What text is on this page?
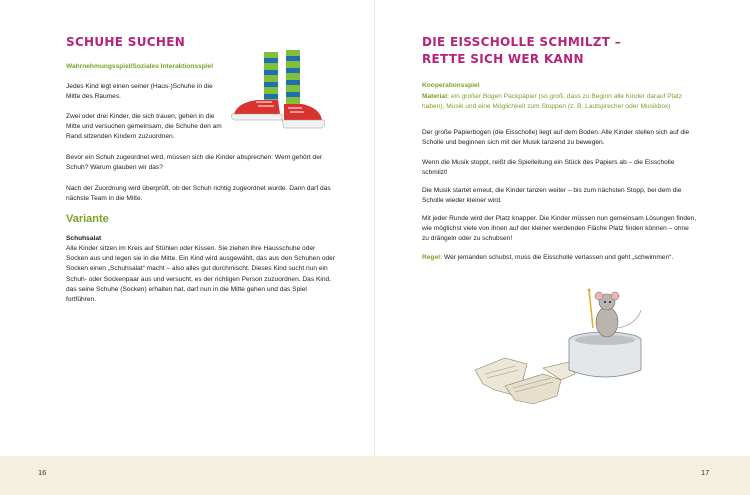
SCHUHE SUCHEN
Wahrnehmungsspiel/Soziales Interaktionsspiel

Jedes Kind legt einen seiner (Haus-)Schuhe in die Mitte des Raumes.

Zwei oder drei Kinder, die sich trauen, gehen in die Mitte und versuchen gemeinsam, die Schuhe den am Rand sitzenden Kindern zuzuordnen.

Bevor ein Schuh zugeordnet wird, müssen sich die Kinder absprechen: Wem gehört der Schuh? Warum glauben wir das?

Nach der Zuordnung wird überprüft, ob der Schuh richtig zugeordnet wurde. Dann darf das nächste Team in die Mitte.

Variante
Schuhsalat

Alle Kinder sitzen im Kreis auf Stühlen oder Kissen. Sie ziehen ihre Hausschuhe oder Socken aus und legen sie in die Mitte. Ein Kind wird ausgewählt, das aus den Schuhen oder Socken einen „Schuhsalat“ macht – also alles gut durchmischt. Dieses Kind sucht nun ein Schuh- oder Sockenpaar aus und versucht, es der richtigen Person zuzuordnen. Das Kind, das seine Schuhe (Socken) erhalten hat, darf nun in die Mitte gehen und das Spiel fortführen.

DIE EISSCHOLLE SCHMILZT –
RETTE SICH WER KANN
Kooperationsspiel

Material: ein großer Bogen Packpapier (so groß, dass zu Beginn alle Kinder darauf Platz haben), Musik und eine Möglichkeit zum Stoppen (z. B. Lautsprecher oder Musikbox)

Der große Papierbogen (die Eisscholle) liegt auf dem Boden. Alle Kinder stellen sich auf die Scholle und beginnen sich mit der Musik tanzend zu bewegen.

Wenn die Musik stoppt, reißt die Spielleitung ein Stück des Papiers ab – die Eisscholle schmilzt!

Die Musik startet erneut, die Kinder tanzen weiter – bis zum nächsten Stopp, bei dem die Scholle wieder kleiner wird.

Mit jeder Runde wird der Platz knapper. Die Kinder müssen nun gemeinsam Lösungen finden, wie möglichst viele von ihnen auf der kleiner werdenden Fläche Platz finden können – ohne zu drängeln oder zu schubsen!

Regel: Wer jemanden schubst, muss die Eisscholle verlassen und geht „schwimmen“.

16	17
